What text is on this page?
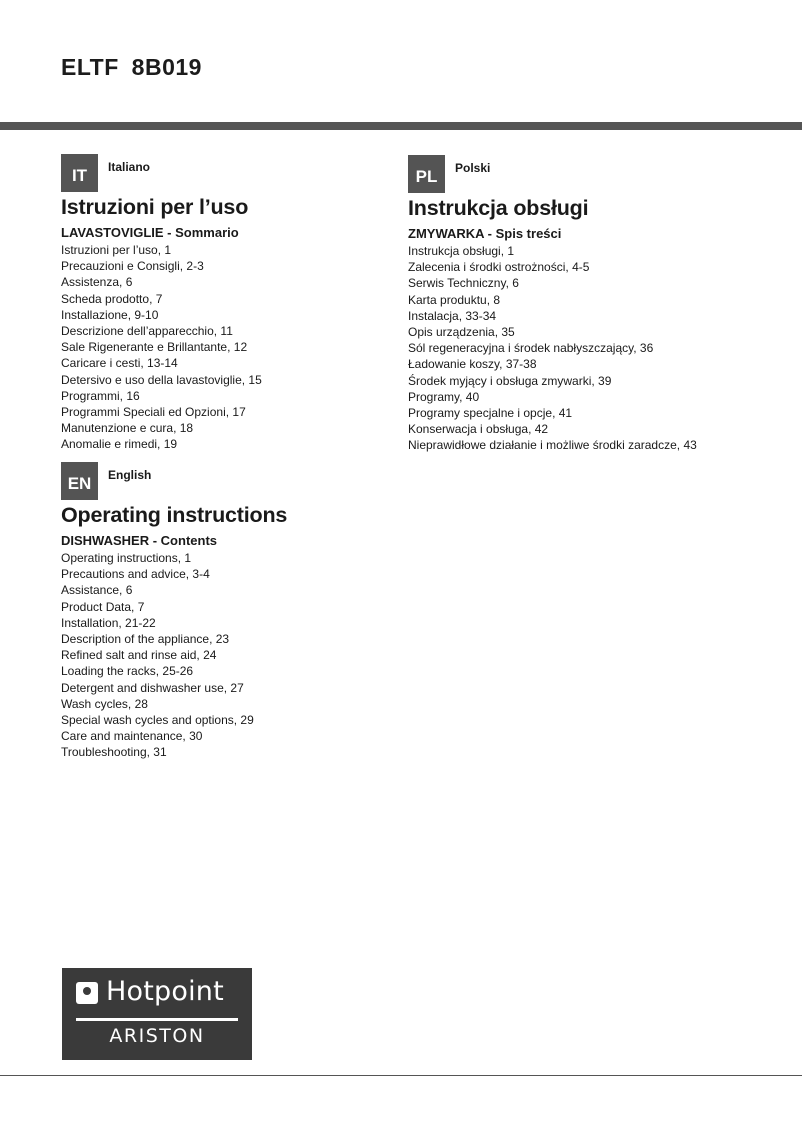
ELTF 8B019
IT	Italiano
Istruzioni per l’uso
LAVASTOVIGLIE - Sommario
Istruzioni per l’uso, 1
Precauzioni e Consigli, 2-3
Assistenza, 6
Scheda prodotto, 7
Installazione, 9-10
Descrizione dell’apparecchio, 11
Sale Rigenerante e Brillantante, 12
Caricare i cesti, 13-14
Detersivo e uso della lavastoviglie, 15
Programmi, 16
Programmi Speciali ed Opzioni, 17
Manutenzione e cura, 18
Anomalie e rimedi, 19
EN	English
Operating instructions
DISHWASHER - Contents
Operating instructions, 1
Precautions and advice, 3-4
Assistance, 6
Product Data, 7
Installation, 21-22
Description of the appliance, 23
Refined salt and rinse aid, 24
Loading the racks, 25-26
Detergent and dishwasher use, 27
Wash cycles, 28
Special wash cycles and options, 29
Care and maintenance, 30
Troubleshooting, 31
PL	Polski
Instrukcja obsługi
ZMYWARKA - Spis treści
Instrukcja obsługi, 1
Zalecenia i środki ostrożności, 4-5
Serwis Techniczny, 6
Karta produktu, 8
Instalacja, 33-34
Opis urządzenia, 35
Sól regeneracyjna i środek nabłyszczający, 36
Ładowanie koszy, 37-38
Środek myjący i obsługa zmywarki, 39
Programy, 40
Programy specjalne i opcje, 41
Konserwacja i obsługa, 42
Nieprawidłowe działanie i możliwe środki zaradcze, 43
Hotpoint
ARISTON
